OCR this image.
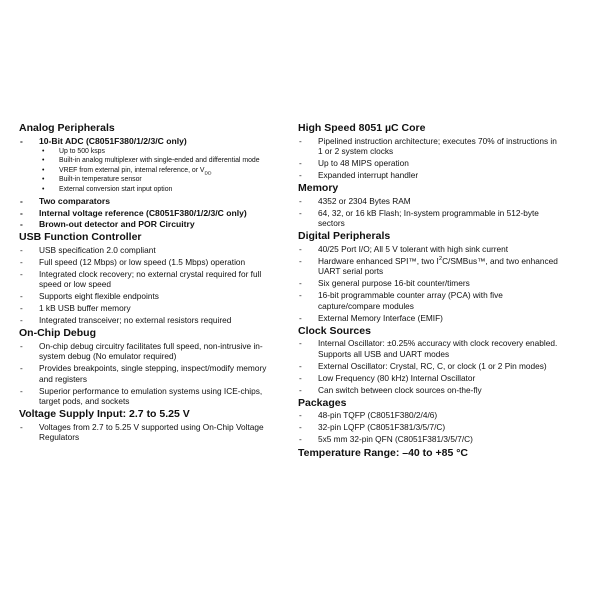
Analog Peripherals
- 10-Bit ADC (C8051F380/1/2/3/C only)
• Up to 500 ksps
• Built-in analog multiplexer with single-ended and differential mode
• VREF from external pin, internal reference, or $V_{DD}$
• Built-in temperature sensor
• External conversion start input option
- Two comparators
- Internal voltage reference (C8051F380/1/2/3/C only)
- Brown-out detector and POR Circuitry
USB Function Controller
- USB specification 2.0 compliant
- Full speed (12 Mbps) or low speed (1.5 Mbps) operation
- Integrated clock recovery; no external crystal required for full speed or low speed
- Supports eight flexible endpoints
- 1 kB USB buffer memory
- Integrated transceiver; no external resistors required
On-Chip Debug
- On-chip debug circuitry facilitates full speed, non-intrusive in-system debug (No emulator required)
- Provides breakpoints, single stepping, inspect/modify memory and registers
- Superior performance to emulation systems using ICE-chips, target pods, and sockets
Voltage Supply Input: 2.7 to 5.25 V
- Voltages from 2.7 to 5.25 V supported using On-Chip Voltage Regulators
High Speed 8051 µC Core
- Pipelined instruction architecture; executes 70% of instructions in 1 or 2 system clocks
- Up to 48 MIPS operation
- Expanded interrupt handler
Memory
- 4352 or 2304 Bytes RAM
- 64, 32, or 16 kB Flash; In-system programmable in 512-byte sectors
Digital Peripherals
- 40/25 Port I/O; All 5 V tolerant with high sink current
- Hardware enhanced SPI™, two $I^2C/SMBus™$, and two enhanced UART serial ports
- Six general purpose 16-bit counter/timers
- 16-bit programmable counter array (PCA) with five capture/compare modules
- External Memory Interface (EMIF)
Clock Sources
- Internal Oscillator: ±0.25% accuracy with clock recovery enabled. Supports all USB and UART modes
- External Oscillator: Crystal, RC, C, or clock (1 or 2 Pin modes)
- Low Frequency (80 kHz) Internal Oscillator
- Can switch between clock sources on-the-fly
Packages
- 48-pin TQFP (C8051F380/2/4/6)
- 32-pin LQFP (C8051F381/3/5/7/C)
- 5x5 mm 32-pin QFN (C8051F381/3/5/7/C)
Temperature Range: –40 to +85 °C
